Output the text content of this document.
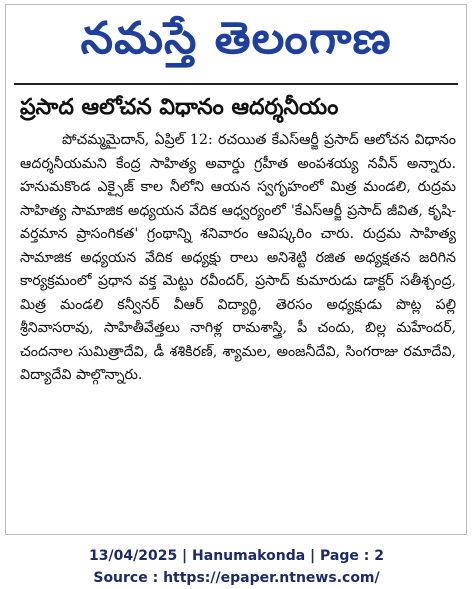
నమస్తే తెలంగాణ
ప్రసాద ఆలోచన విధానం ఆదర్శనీయం
పోచమ్మమైదాన్, ఏప్రిల్ 12: రచయిత కేఎస్ఆర్జీ ప్రసాద్ ఆలోచన విధానం ఆదర్శనీయమని కేంద్ర సాహిత్య అవార్డు గ్రహీత అంపశయ్య నవీన్ అన్నారు. హనుమకొండ ఎక్సైజ్ కాల నీలోని ఆయన స్వగృహంలో మిత్ర మండలి, రుద్రమ సాహిత్య సామాజిక అధ్యయన వేదిక ఆధ్వర్యంలో 'కేఎస్ఆర్జీ ప్రసాద్ జీవిత, కృషి-వర్తమాన ప్రాసంగికత' గ్రంథాన్ని శనివారం ఆవిష్కరిం చారు. రుద్రమ సాహిత్య సామాజిక అధ్యయన వేదిక అధ్యక్షు రాలు అనిశెట్టి రజిత అధ్యక్షతన జరిగిన కార్యక్రమంలో ప్రధాన వక్త మెట్టు రవీందర్, ప్రసాద్ కుమారుడు డాక్టర్ సతీశ్చంద్ర, మిత్ర మండలి కన్వీనర్ వీఆర్ విద్యార్థి, తెరసం అధ్యక్షుడు పొట్ల పల్లి శ్రీనివాసరావు, సాహితీవేత్తలు నాగిళ్ల రామశాస్త్రి, పీ చందు, బిల్ల మహేందర్, చందనాల సుమిత్రాదేవి, డీ శశికిరణ్, శ్యామల, అంజనీదేవి, సింగరాజు రమాదేవి, విద్యాదేవి పాల్గొన్నారు.
13/04/2025 | Hanumakonda | Page : 2
Source : https://epaper.ntnews.com/
